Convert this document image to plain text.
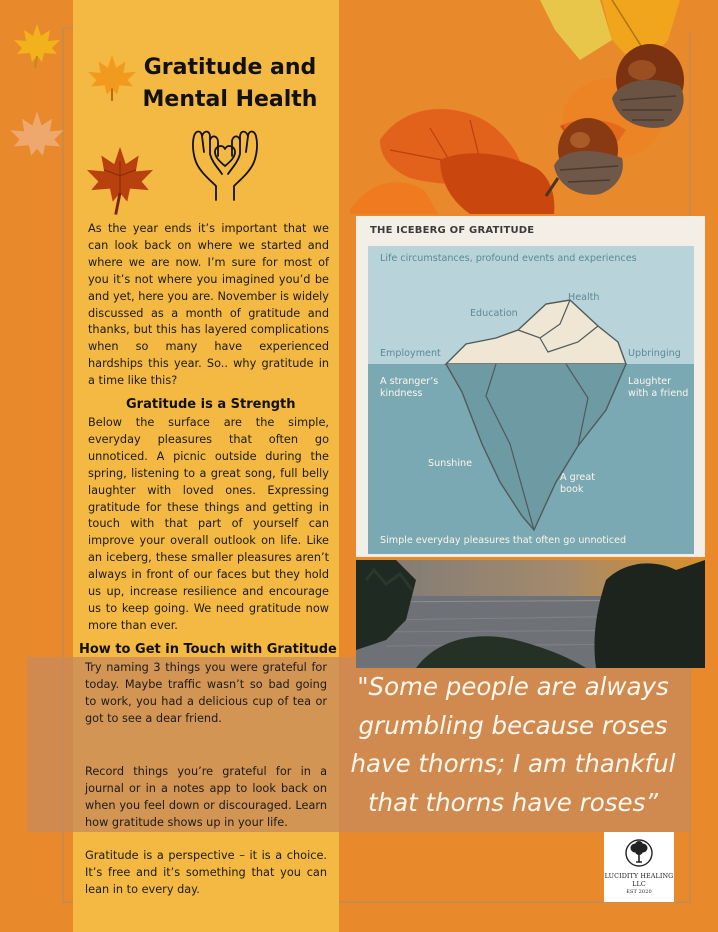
Gratitude and
Mental Health

As the year ends it’s important that we can look back on where we started and where we are now. I’m sure for most of you it’s not where you imagined you’d be and yet, here you are. November is widely discussed as a month of gratitude and thanks, but this has layered complications when so many have experienced hardships this year. So.. why gratitude in a time like this?

Gratitude is a Strength

Below the surface are the simple, everyday pleasures that often go unnoticed. A picnic outside during the spring, listening to a great song, full belly laughter with loved ones. Expressing gratitude for these things and getting in touch with that part of yourself can improve your overall outlook on life. Like an iceberg, these smaller pleasures aren’t always in front of our faces but they hold us up, increase resilience and encourage us to keep going. We need gratitude now more than ever.

How to Get in Touch with Gratitude

Try naming 3 things you were grateful for today. Maybe traffic wasn’t so bad going to work, you had a delicious cup of tea or got to see a dear friend.

Record things you’re grateful for in a journal or in a notes app to look back on when you feel down or discouraged. Learn how gratitude shows up in your life.

Gratitude is a perspective – it is a choice. It’s free and it’s something that you can lean in to every day.

THE ICEBERG OF GRATITUDE
Life circumstances, profound events and experiences
Health
Education
Employment	Upbringing
A stranger’s
kindness
Laughter
with a friend
Sunshine
A great
book
Simple everyday pleasures that often go unnoticed

"Some people are always
grumbling because roses
have thorns; I am thankful
that thorns have roses”

LUCIDITY HEALING
LLC
EST 2020
